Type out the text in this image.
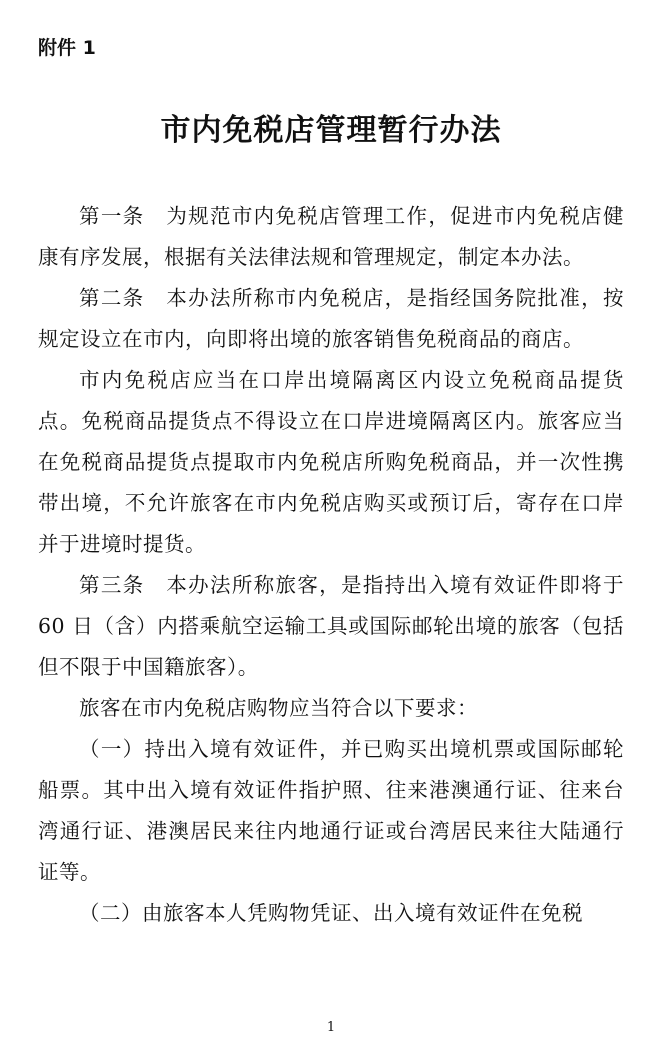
附件 1
市内免税店管理暂行办法

第一条　为规范市内免税店管理工作，促进市内免税店健康有序发展，根据有关法律法规和管理规定，制定本办法。

第二条　本办法所称市内免税店，是指经国务院批准，按规定设立在市内，向即将出境的旅客销售免税商品的商店。

市内免税店应当在口岸出境隔离区内设立免税商品提货点。免税商品提货点不得设立在口岸进境隔离区内。旅客应当在免税商品提货点提取市内免税店所购免税商品，并一次性携带出境，不允许旅客在市内免税店购买或预订后，寄存在口岸并于进境时提货。

第三条　本办法所称旅客，是指持出入境有效证件即将于 60 日（含）内搭乘航空运输工具或国际邮轮出境的旅客（包括但不限于中国籍旅客）。

旅客在市内免税店购物应当符合以下要求：

（一）持出入境有效证件，并已购买出境机票或国际邮轮船票。其中出入境有效证件指护照、往来港澳通行证、往来台湾通行证、港澳居民来往内地通行证或台湾居民来往大陆通行证等。

（二）由旅客本人凭购物凭证、出入境有效证件在免税

1
